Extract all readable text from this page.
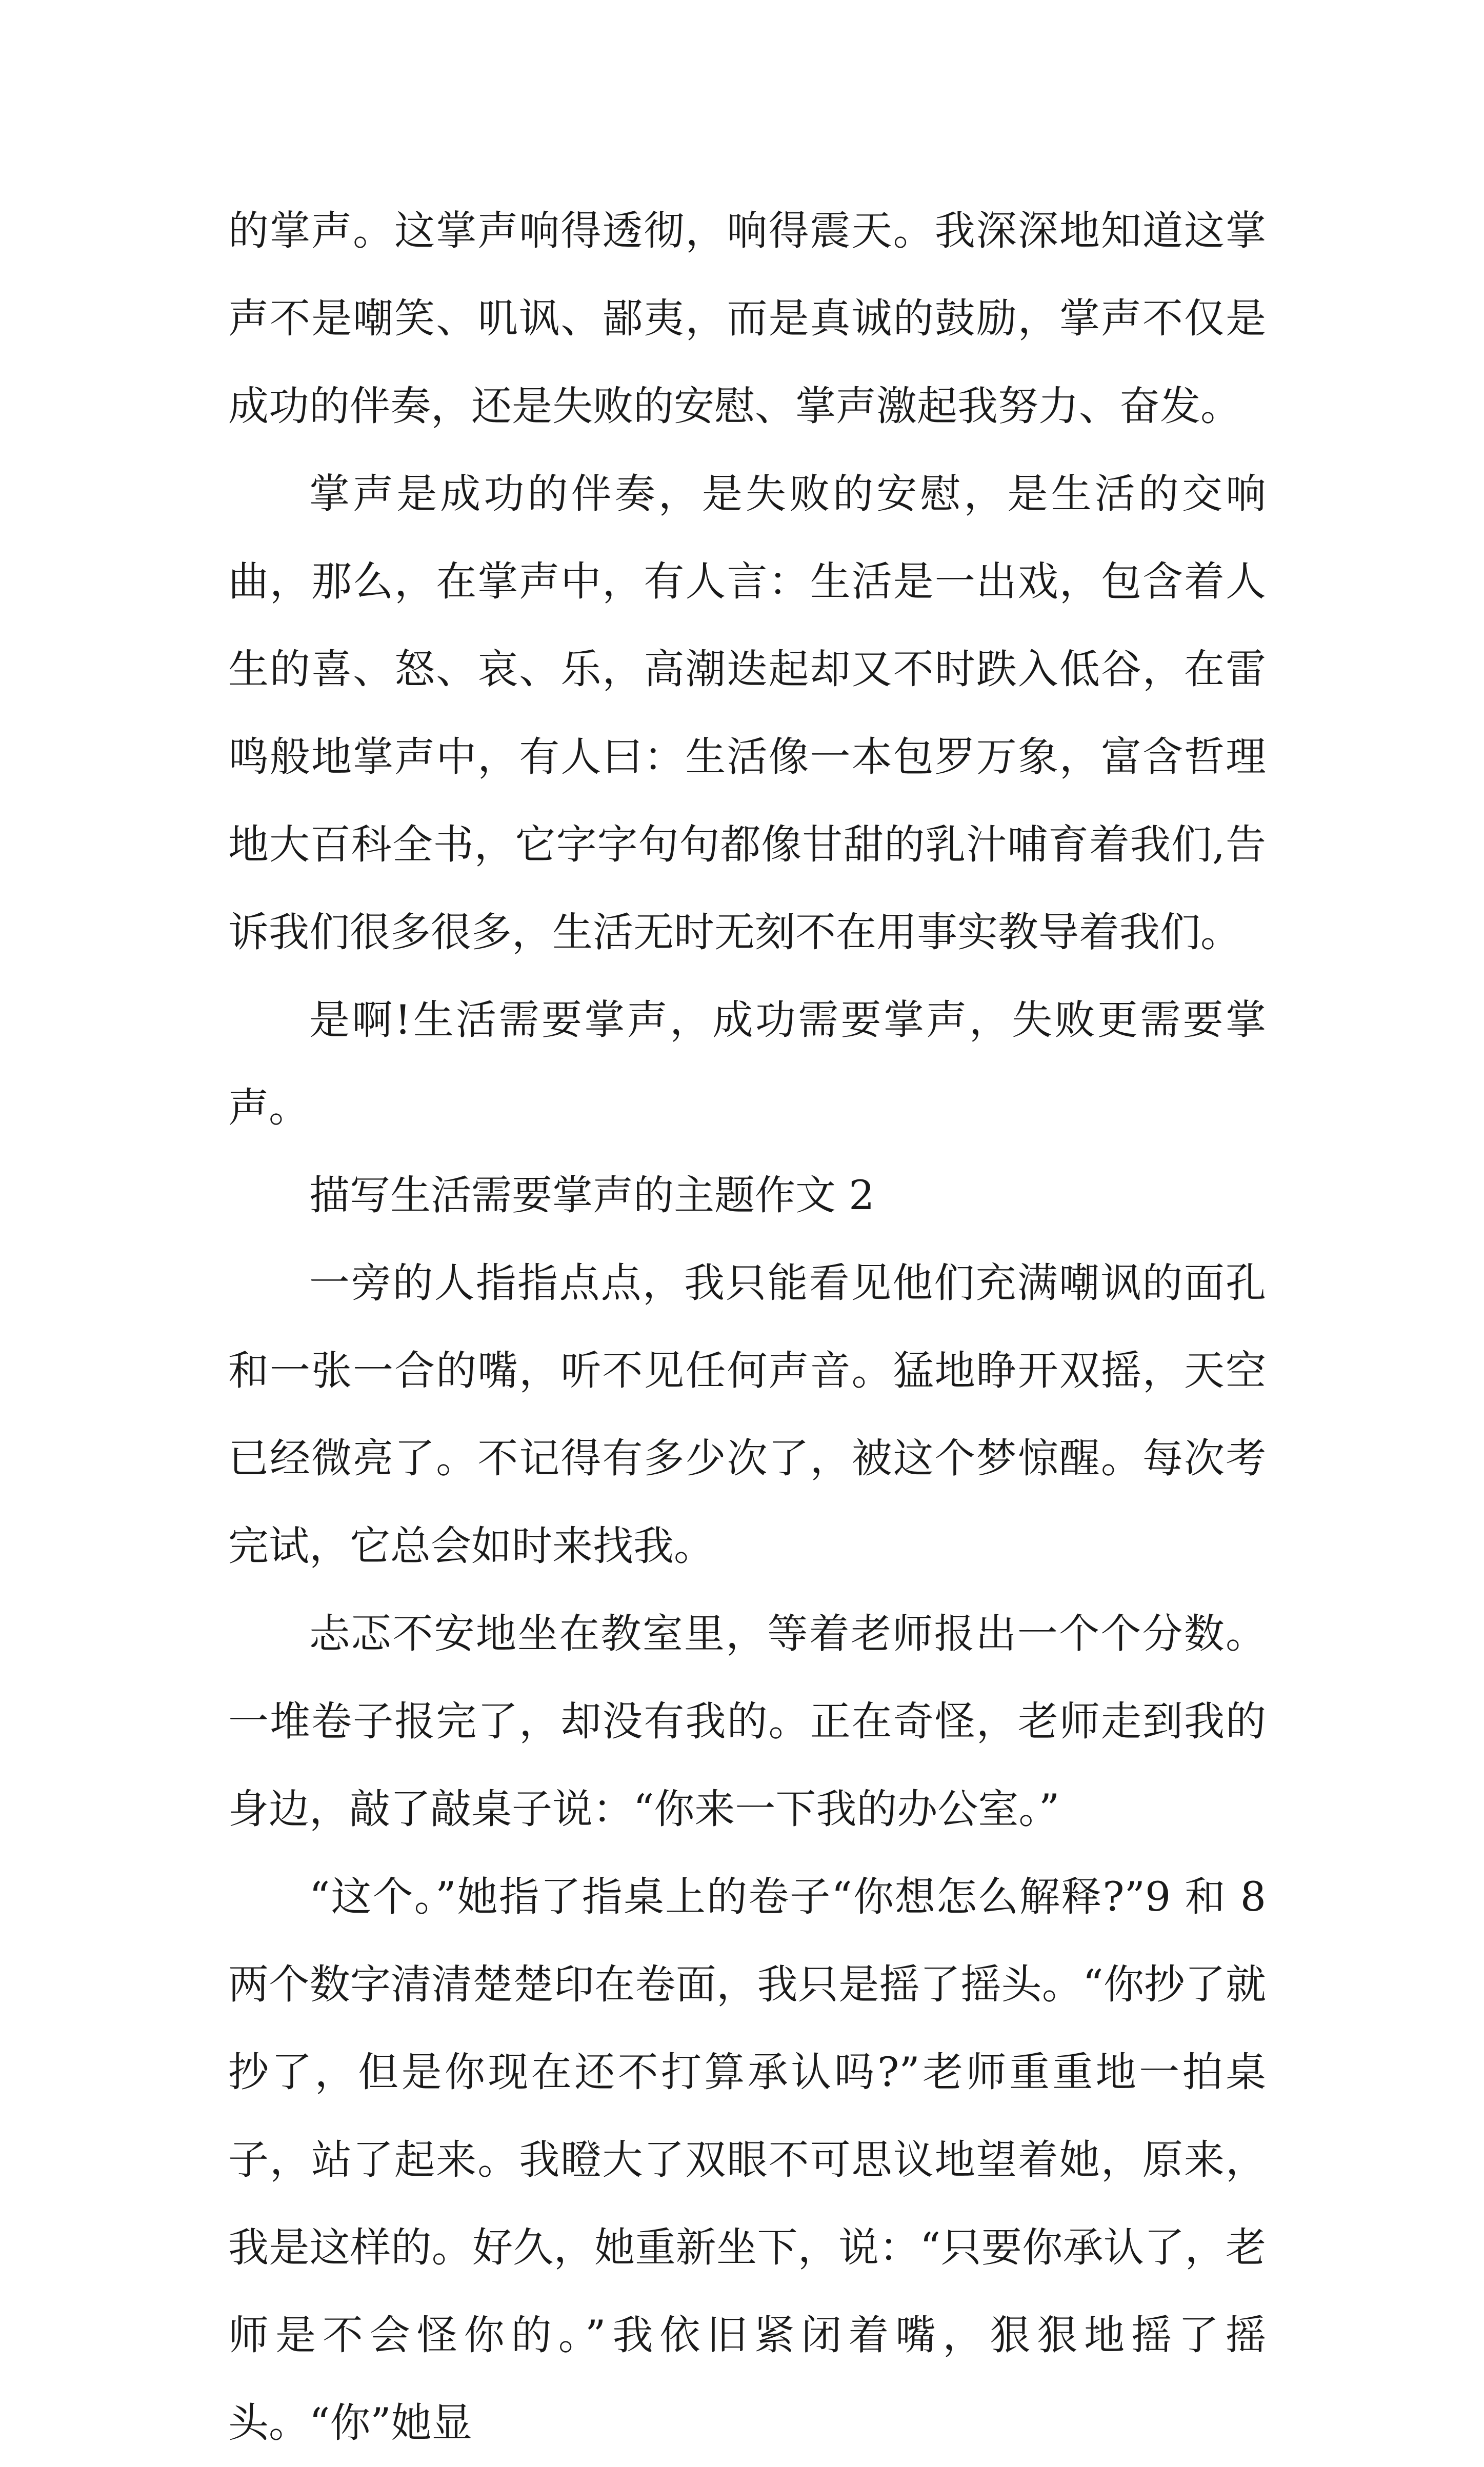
的掌声。这掌声响得透彻，响得震天。我深深地知道这掌声不是嘲笑、叽讽、鄙夷，而是真诚的鼓励，掌声不仅是成功的伴奏，还是失败的安慰、掌声激起我努力、奋发。

掌声是成功的伴奏，是失败的安慰，是生活的交响曲，那么，在掌声中，有人言：生活是一出戏，包含着人生的喜、怒、哀、乐，高潮迭起却又不时跌入低谷，在雷鸣般地掌声中，有人曰：生活像一本包罗万象，富含哲理地大百科全书，它字字句句都像甘甜的乳汁哺育着我们,告诉我们很多很多，生活无时无刻不在用事实教导着我们。

是啊!生活需要掌声，成功需要掌声，失败更需要掌声。

描写生活需要掌声的主题作文 2

一旁的人指指点点，我只能看见他们充满嘲讽的面孔和一张一合的嘴，听不见任何声音。猛地睁开双摇，天空已经微亮了。不记得有多少次了，被这个梦惊醒。每次考完试，它总会如时来找我。

忐忑不安地坐在教室里，等着老师报出一个个分数。一堆卷子报完了，却没有我的。正在奇怪，老师走到我的身边，敲了敲桌子说：“你来一下我的办公室。”

“这个。”她指了指桌上的卷子“你想怎么解释?”9 和 8 两个数字清清楚楚印在卷面，我只是摇了摇头。“你抄了就抄了，但是你现在还不打算承认吗?”老师重重地一拍桌子，站了起来。我瞪大了双眼不可思议地望着她，原来，我是这样的。好久，她重新坐下，说：“只要你承认了，老师是不会怪你的。”我依旧紧闭着嘴，狠狠地摇了摇头。“你”她显
